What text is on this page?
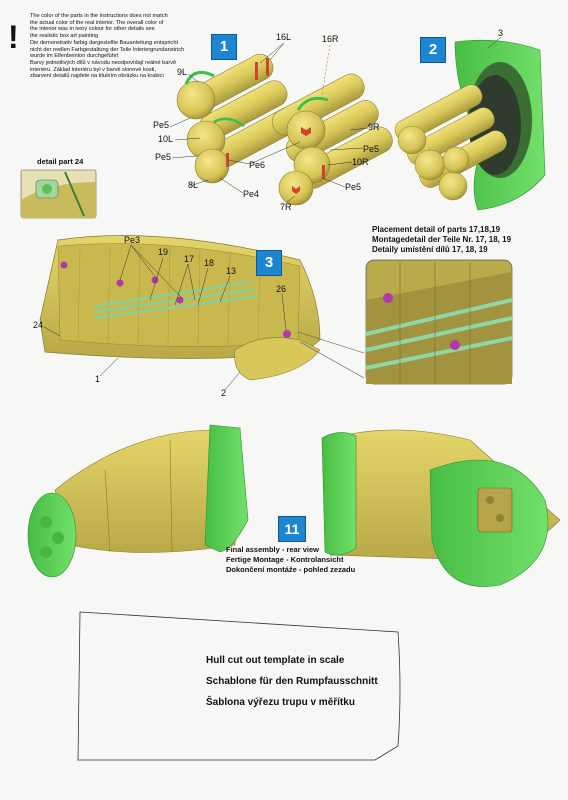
!
The color of the parts in the instructions does not match
the actual color of the real interior. The overall color of
the interior was in ivory colour for other details see
the realistic box art painting
Die demonstrativ farbig dargestellte Bauanleitung entspricht
nicht der reellen Farbgestaltung der Teile Interiergrundanstrich
wurde im Elfenbeinton durchgeführt
Barvy jednotlivých dílů v návodu neodpovídají reálné barvě
interiéru. Základ interiéru byl v barvě slonové kosti,
zbarvení detailů najdete na titulním obrázku na krabici
1	2
3
11
16L	16R
9L
Pe5
10L
Pe5
Pe6
8L
Pe4
9R
Pe5
10R
Pe5
7R
3
detail part 24
Pe3
19
17 18
13
26
24
1
2
Placement detail of parts 17,18,19
Montagedetail der Teile Nr. 17, 18, 19
Detaily umístění dílů 17, 18, 19
Final assembly - rear view
Fertige Montage - Kontrolansicht
Dokončení montáže - pohled zezadu
Hull cut out template in scale
Schablone für den Rumpfausschnitt
Šablona výřezu trupu v měřítku
